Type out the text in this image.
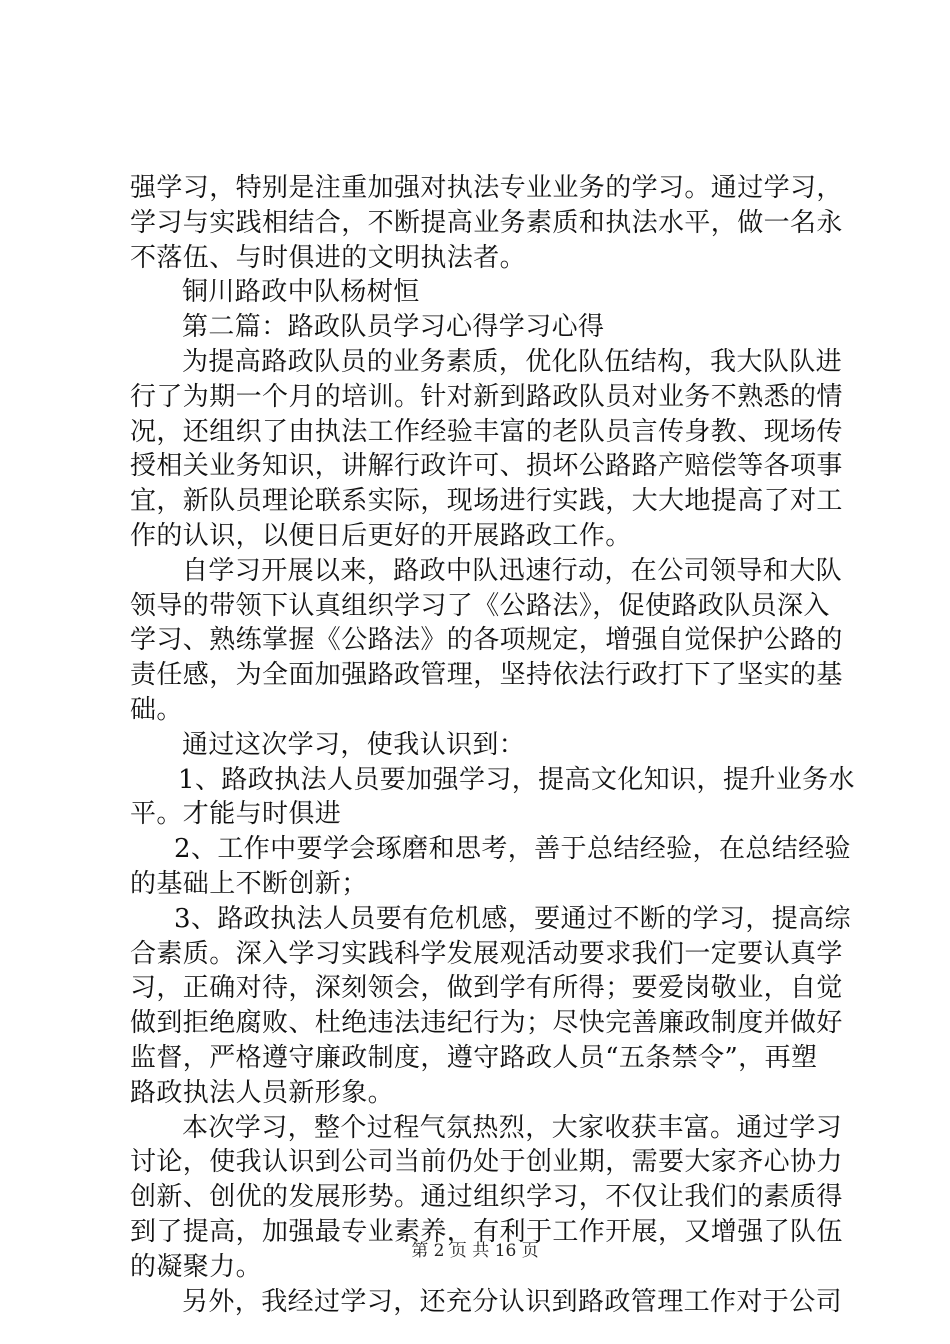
强学习，特别是注重加强对执法专业业务的学习。通过学习，
学习与实践相结合，不断提高业务素质和执法水平，做一名永
不落伍、与时俱进的文明执法者。
铜川路政中队杨树恒
第二篇：路政队员学习心得学习心得
为提高路政队员的业务素质，优化队伍结构，我大队队进
行了为期一个月的培训。针对新到路政队员对业务不熟悉的情
况，还组织了由执法工作经验丰富的老队员言传身教、现场传
授相关业务知识，讲解行政许可、损坏公路路产赔偿等各项事
宜，新队员理论联系实际，现场进行实践，大大地提高了对工
作的认识，以便日后更好的开展路政工作。
自学习开展以来，路政中队迅速行动，在公司领导和大队
领导的带领下认真组织学习了《公路法》，促使路政队员深入
学习、熟练掌握《公路法》的各项规定，增强自觉保护公路的
责任感，为全面加强路政管理，坚持依法行政打下了坚实的基
础。
通过这次学习，使我认识到：
1、路政执法人员要加强学习，提高文化知识，提升业务水
平。才能与时俱进
2、工作中要学会琢磨和思考，善于总结经验，在总结经验
的基础上不断创新；
3、路政执法人员要有危机感，要通过不断的学习，提高综
合素质。深入学习实践科学发展观活动要求我们一定要认真学
习，正确对待，深刻领会，做到学有所得；要爱岗敬业，自觉
做到拒绝腐败、杜绝违法违纪行为；尽快完善廉政制度并做好
监督，严格遵守廉政制度，遵守路政人员“五条禁令”，再塑
路政执法人员新形象。
本次学习，整个过程气氛热烈，大家收获丰富。通过学习
讨论，使我认识到公司当前仍处于创业期，需要大家齐心协力
创新、创优的发展形势。通过组织学习，不仅让我们的素质得
到了提高，加强最专业素养，有利于工作开展，又增强了队伍
的凝聚力。
另外，我经过学习，还充分认识到路政管理工作对于公司
第 2 页 共 16 页
